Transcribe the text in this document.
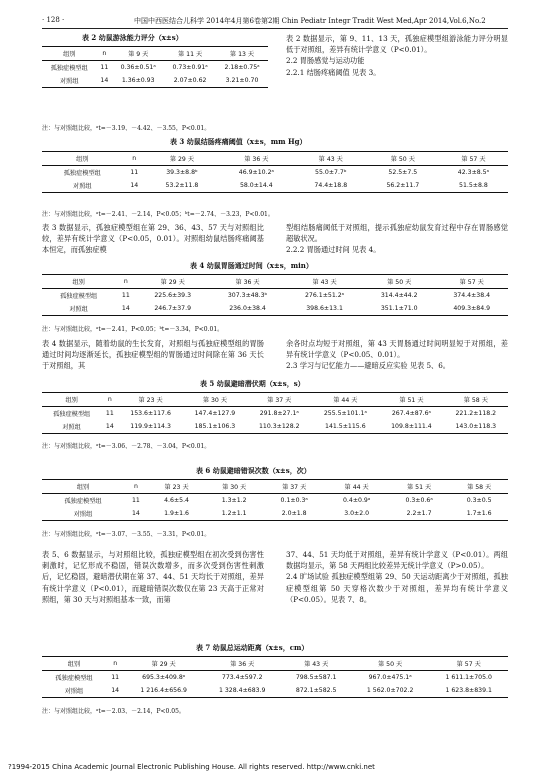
· 128 ·	中国中西医结合儿科学 2014年4月第6卷第2期 Chin Pediatr Integr Tradit West Med,Apr 2014,Vol.6,No.2
表 2 幼鼠游泳能力评分（x±s）
组别	n	第 9 天	第 11 天	第 13 天
孤独症模型组	11	0.36±0.51ᵃ	0.73±0.91ᵃ	2.18±0.75ᵃ
对照组	14	1.36±0.93	2.07±0.62	3.21±0.70
注：与对照组比较，ᵃt=－3.19、－4.42、－3.55，P<0.01。

表 2 数据显示，第 9、11、13 天，孤独症模型组游泳能力评分明显低于对照组，差异有统计学意义（P<0.01）。

2.2 胃肠感觉与运动功能

2.2.1 结肠疼痛阈值 见表 3。

表 3 幼鼠结肠疼痛阈值（x±s，mm Hg）
组别	n	第 29 天	第 36 天	第 43 天	第 50 天	第 57 天
孤独症模型组	11	39.3±8.8ᵇ	46.9±10.2ᵃ	55.0±7.7ᵇ	52.5±7.5	42.3±8.5ᵃ
对照组	14	53.2±11.8	58.0±14.4	74.4±18.8	56.2±11.7	51.5±8.8
注：与对照组比较，ᵃt=－2.41、－2.14，P<0.05；ᵇt=－2.74、－3.23，P<0.01。

表 3 数据显示，孤独症模型组在第 29、36、43、57 天与对照组比较，差异有统计学意义（P<0.05，0.01）。对照组幼鼠结肠疼痛阈基本恒定，而孤独症模

型组结肠痛阈低于对照组，提示孤独症幼鼠发育过程中存在胃肠感觉超敏状况。

2.2.2 胃肠通过时间 见表 4。

表 4 幼鼠胃肠通过时间（x±s，min）
组别	n	第 29 天	第 36 天	第 43 天	第 50 天	第 57 天
孤独症模型组	11	225.6±39.3	307.3±48.3ᵇ	276.1±51.2ᵃ	314.4±44.2	374.4±38.4
对照组	14	246.7±37.9	236.0±38.4	398.6±13.1	351.1±71.0	409.3±84.9
注：与对照组比较，ᵃt=－2.41，P<0.05；ᵇt=－3.34，P<0.01。

表 4 数据显示，随着幼鼠的生长发育，对照组与孤独症模型组的胃肠通过时间均逐渐延长，孤独症模型组的胃肠通过时间除在第 36 天长于对照组，其

余各时点均短于对照组，第 43 天胃肠通过时间明显短于对照组，差异有统计学意义（P<0.05、0.01）。

2.3 学习与记忆能力——避暗反应实验 见表 5、6。

表 5 幼鼠避暗潜伏期（x±s，s）
组别	n	第 23 天	第 30 天	第 37 天	第 44 天	第 51 天	第 58 天
孤独症模型组	11	153.6±117.6	147.4±127.9	291.8±27.1ᵃ	255.5±101.1ᵃ	267.4±87.6ᵃ	221.2±118.2
对照组	14	119.9±114.3	185.1±106.3	110.3±128.2	141.5±115.6	109.8±111.4	143.0±118.3
注：与对照组比较，ᵃt=－3.06、－2.78、－3.04，P<0.01。
表 6 幼鼠避暗错误次数（x±s，次）
组别	n	第 23 天	第 30 天	第 37 天	第 44 天	第 51 天	第 58 天
孤独症模型组	11	4.6±5.4	1.3±1.2	0.1±0.3ᵃ	0.4±0.9ᵃ	0.3±0.6ᵃ	0.3±0.5
对照组	14	1.9±1.6	1.2±1.1	2.0±1.8	3.0±2.0	2.2±1.7	1.7±1.6
注：与对照组比较，ᵃt=－3.07、－3.55、－3.31，P<0.01。

表 5、6 数据显示，与对照组比较，孤独症模型组在初次受到伤害性刺激时，记忆形成不稳固，错误次数增多，而多次受到伤害性刺激后，记忆稳固，避暗潜伏期在第 37、44、51 天均长于对照组，差异有统计学意义（P<0.01），而避暗错误次数仅在第 23 天高于正常对照组，第 30 天与对照组基本一致，而第

37、44、51 天均低于对照组，差异有统计学意义（P<0.01）。两组数据均显示，第 58 天两组比较差异无统计学意义（P>0.05）。

2.4 旷场试验 孤独症模型组第 29、50 天运动距离少于对照组，孤独症模型组第 50 天穿格次数少于对照组，差异均有统计学意义（P<0.05）。见表 7、8。

表 7 幼鼠总运动距离（x±s，cm）
组别	n	第 29 天	第 36 天	第 43 天	第 50 天	第 57 天
孤独症模型组	11	695.3±409.8ᵃ	773.4±597.2	798.5±587.1	967.0±475.1ᵃ	1 611.1±705.0
对照组	14	1 216.4±656.9	1 328.4±683.9	872.1±582.5	1 562.0±702.2	1 623.8±839.1
注：与对照组比较，ᵃt=－2.03、－2.14，P<0.05。
?1994-2015 China Academic Journal Electronic Publishing House. All rights reserved. http://www.cnki.net
